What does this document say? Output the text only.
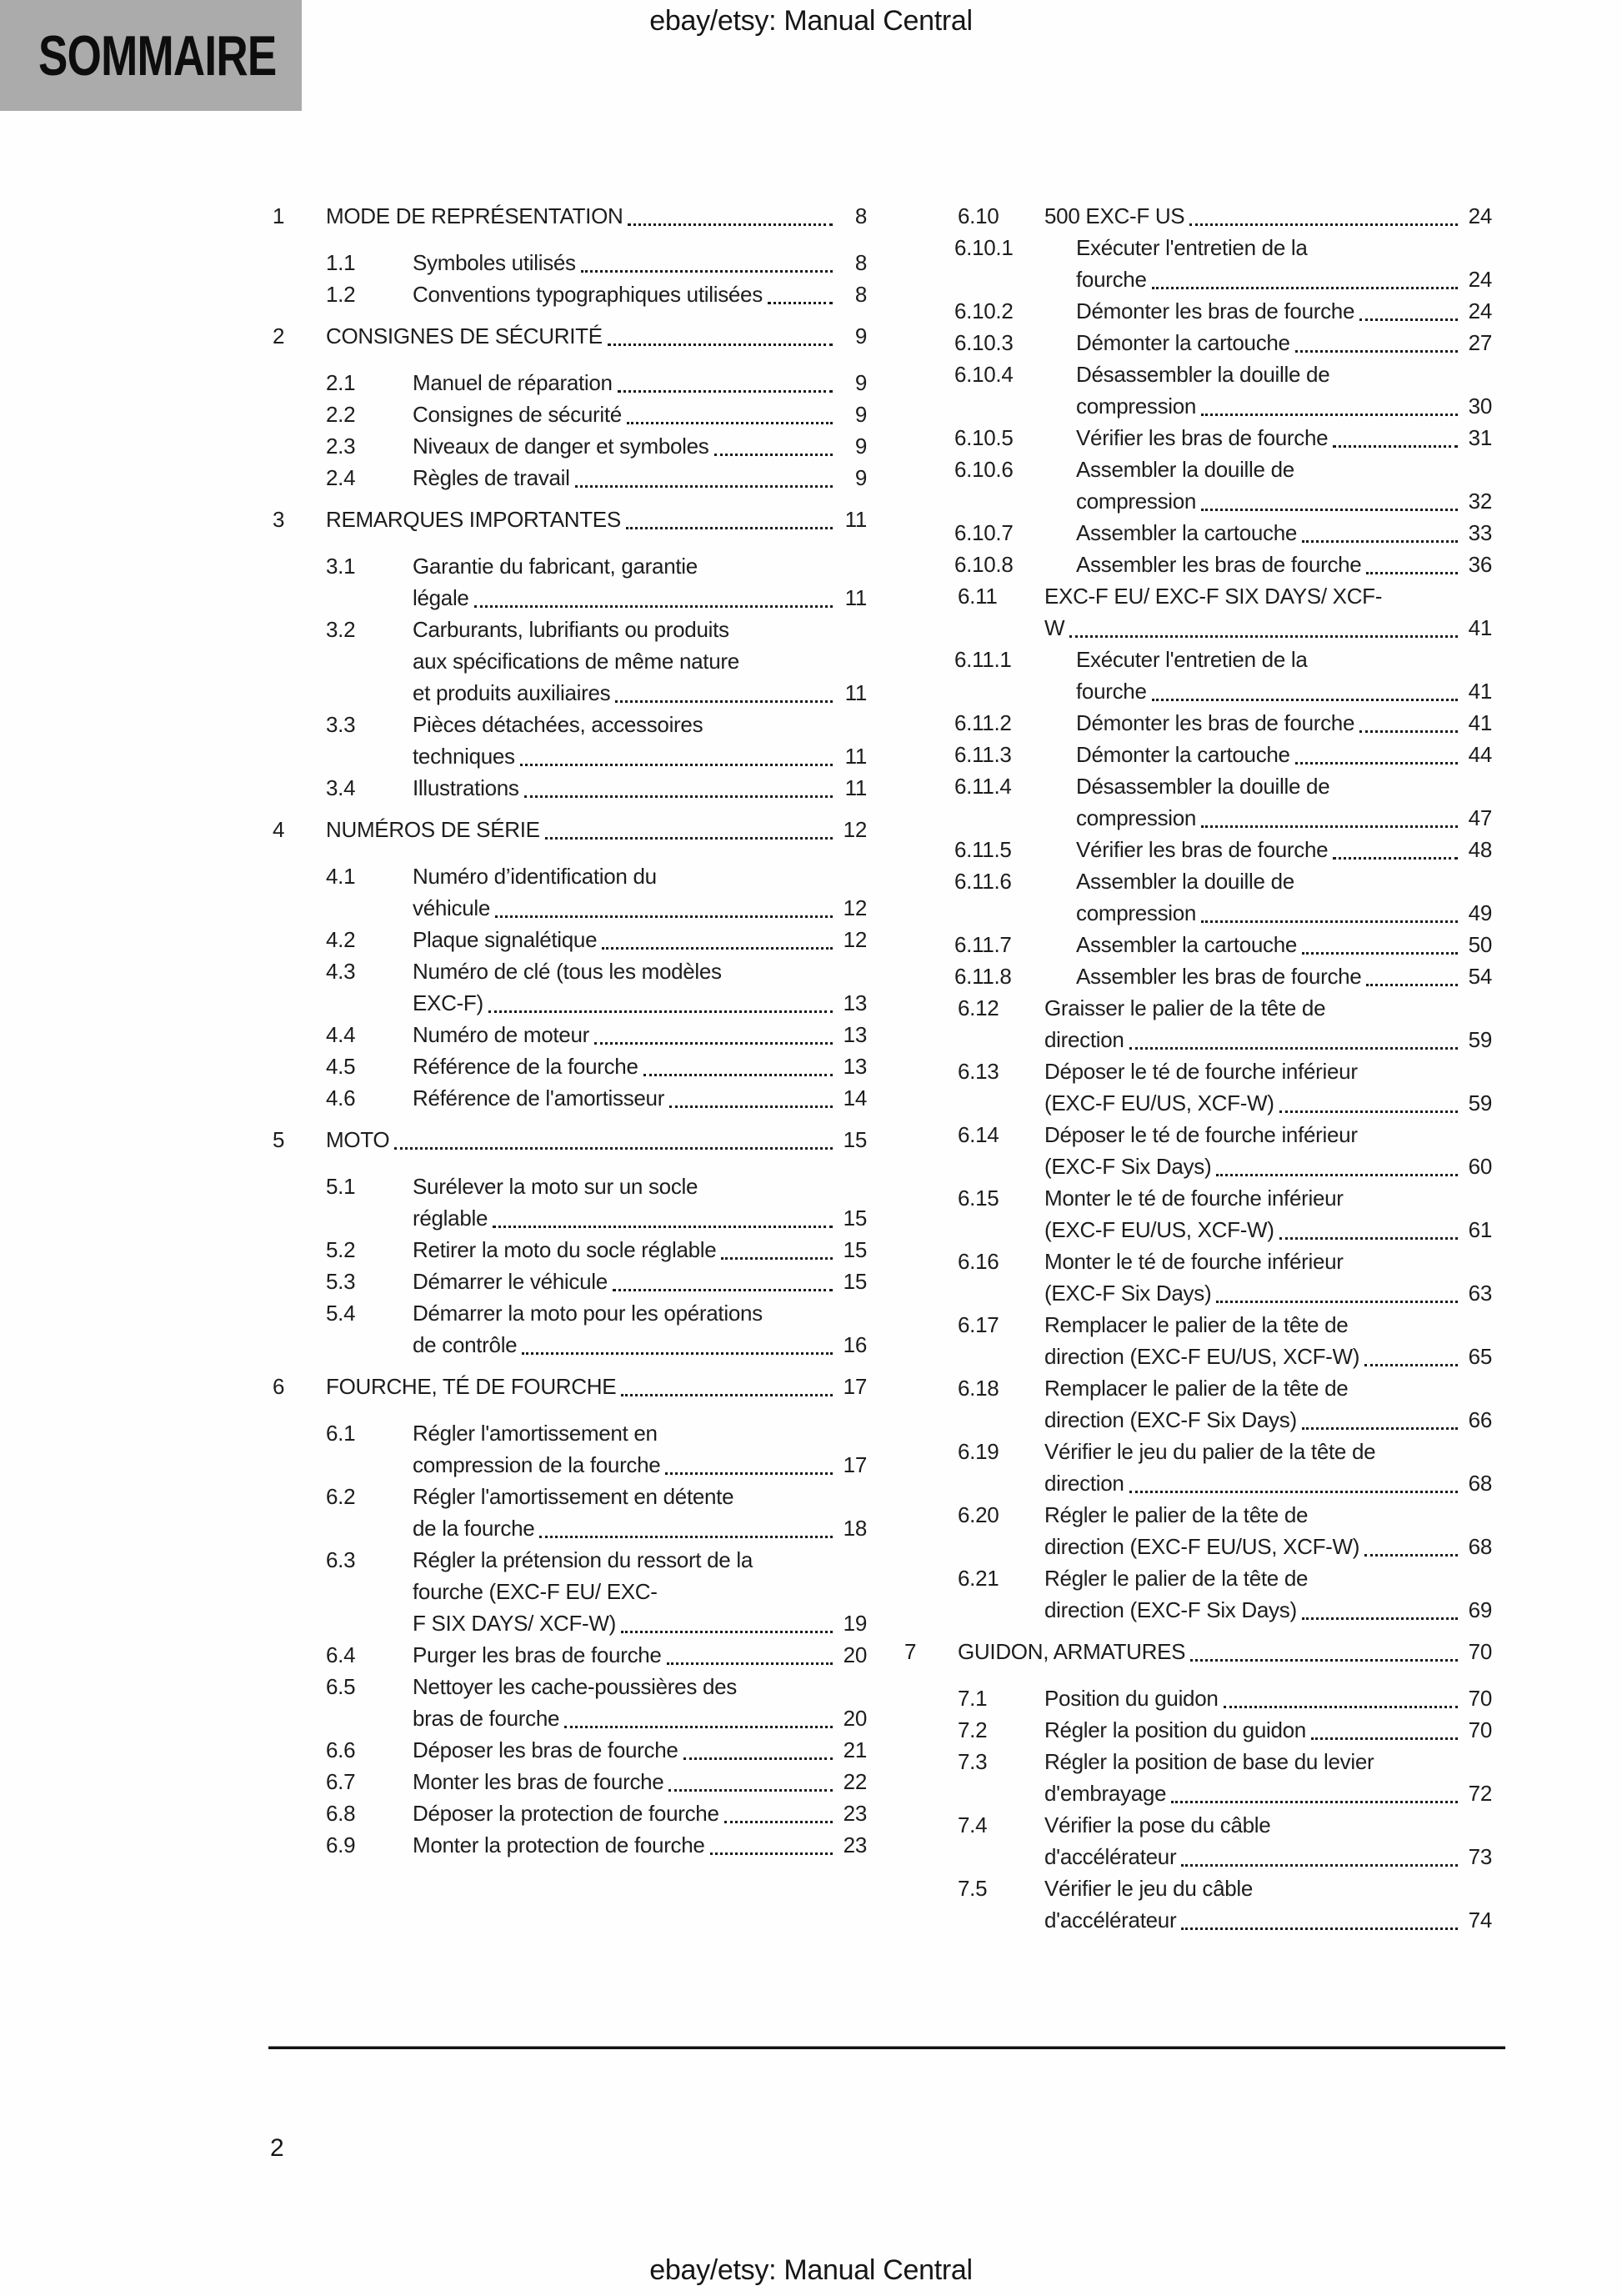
ebay/etsy: Manual Central
SOMMAIRE
1	MODE DE REPRÉSENTATION	8
1.1	Symboles utilisés	8
1.2	Conventions typographiques utilisées	8
2	CONSIGNES DE SÉCURITÉ	9
2.1	Manuel de réparation	9
2.2	Consignes de sécurité	9
2.3	Niveaux de danger et symboles	9
2.4	Règles de travail	9
3	REMARQUES IMPORTANTES	11
3.1	Garantie du fabricant, garantie
légale	11
3.2	Carburants, lubrifiants ou produits
aux spécifications de même nature
et produits auxiliaires	11
3.3	Pièces détachées, accessoires
techniques	11
3.4	Illustrations	11
4	NUMÉROS DE SÉRIE	12
4.1	Numéro d’identification du
véhicule	12
4.2	Plaque signalétique	12
4.3	Numéro de clé (tous les modèles
EXC-F)	13
4.4	Numéro de moteur	13
4.5	Référence de la fourche	13
4.6	Référence de l'amortisseur	14
5	MOTO	15
5.1	Surélever la moto sur un socle
réglable	15
5.2	Retirer la moto du socle réglable	15
5.3	Démarrer le véhicule	15
5.4	Démarrer la moto pour les opérations
de contrôle	16
6	FOURCHE, TÉ DE FOURCHE	17
6.1	Régler l'amortissement en
compression de la fourche	17
6.2	Régler l'amortissement en détente
de la fourche	18
6.3	Régler la prétension du ressort de la
fourche (EXC-F EU/ EXC-
F SIX DAYS/ XCF-W)	19
6.4	Purger les bras de fourche	20
6.5	Nettoyer les cache-poussières des
bras de fourche	20
6.6	Déposer les bras de fourche	21
6.7	Monter les bras de fourche	22
6.8	Déposer la protection de fourche	23
6.9	Monter la protection de fourche	23
6.10	500 EXC-F US	24
6.10.1	Exécuter l'entretien de la
fourche	24
6.10.2	Démonter les bras de fourche	24
6.10.3	Démonter la cartouche	27
6.10.4	Désassembler la douille de
compression	30
6.10.5	Vérifier les bras de fourche	31
6.10.6	Assembler la douille de
compression	32
6.10.7	Assembler la cartouche	33
6.10.8	Assembler les bras de fourche	36
6.11	EXC-F EU/ EXC-F SIX DAYS/ XCF-
W	41
6.11.1	Exécuter l'entretien de la
fourche	41
6.11.2	Démonter les bras de fourche	41
6.11.3	Démonter la cartouche	44
6.11.4	Désassembler la douille de
compression	47
6.11.5	Vérifier les bras de fourche	48
6.11.6	Assembler la douille de
compression	49
6.11.7	Assembler la cartouche	50
6.11.8	Assembler les bras de fourche	54
6.12	Graisser le palier de la tête de
direction	59
6.13	Déposer le té de fourche inférieur
(EXC-F EU/US, XCF-W)	59
6.14	Déposer le té de fourche inférieur
(EXC-F Six Days)	60
6.15	Monter le té de fourche inférieur
(EXC-F EU/US, XCF-W)	61
6.16	Monter le té de fourche inférieur
(EXC-F Six Days)	63
6.17	Remplacer le palier de la tête de
direction (EXC-F EU/US, XCF-W)	65
6.18	Remplacer le palier de la tête de
direction (EXC-F Six Days)	66
6.19	Vérifier le jeu du palier de la tête de
direction	68
6.20	Régler le palier de la tête de
direction (EXC-F EU/US, XCF-W)	68
6.21	Régler le palier de la tête de
direction (EXC-F Six Days)	69
7	GUIDON, ARMATURES	70
7.1	Position du guidon	70
7.2	Régler la position du guidon	70
7.3	Régler la position de base du levier
d'embrayage	72
7.4	Vérifier la pose du câble
d'accélérateur	73
7.5	Vérifier le jeu du câble
d'accélérateur	74
2
ebay/etsy: Manual Central
